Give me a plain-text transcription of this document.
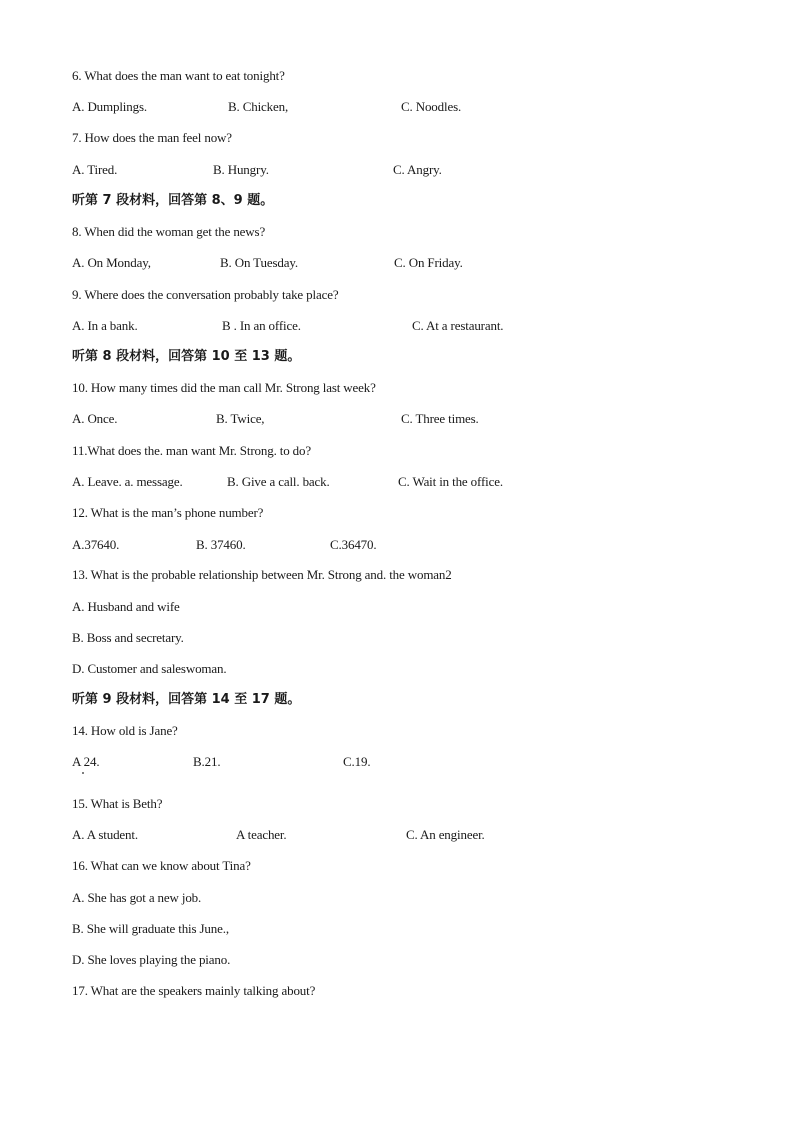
6. What does the man want to eat tonight?
A. Dumplings.	B. Chicken,	C. Noodles.
7. How does the man feel now?
A. Tired.	B. Hungry.	C. Angry.
听第 7 段材料，回答第 8、9 题。
8. When did the woman get the news?
A. On Monday,	B. On Tuesday.	C. On Friday.
9. Where does the conversation probably take place?
A. In a bank.	B . In an office.	C. At a restaurant.
听第 8 段材料，回答第 10 至 13 题。
10. How many times did the man call Mr. Strong last week?
A. Once.	B. Twice,	C. Three times.
11.What does the. man want Mr. Strong. to do?
A. Leave. a. message.	B. Give a call. back.	C. Wait in the office.
12. What is the man’s phone number?
A.37640.	B. 37460.	C.36470.
13. What is the probable relationship between Mr. Strong and. the woman2
A. Husband and wife
B. Boss and secretary.
D. Customer and saleswoman.
听第 9 段材料，回答第 14 至 17 题。
14. How old is Jane?
A 24.	B.21.	C.19.
15. What is Beth?
A. A student.	A teacher.	C. An engineer.
16. What can we know about Tina?
A. She has got a new job.
B. She will graduate this June.,
D. She loves playing the piano.
17. What are the speakers mainly talking about?
